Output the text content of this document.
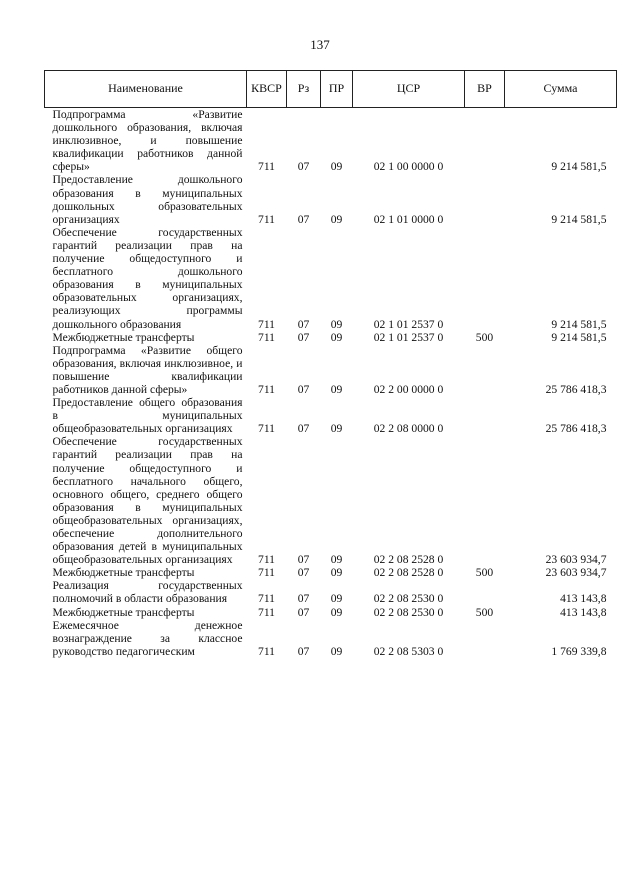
137
Наименование	КВСР	Рз	ПР	ЦСР	ВР	Сумма
Подпрограмма «Развитие дошкольного образования, включая инклюзивное, и повышение квалификации работников данной сферы»	711	07	09	02 1 00 0000 0		9 214 581,5
Предоставление дошкольного образования в муниципальных дошкольных образовательных организациях	711	07	09	02 1 01 0000 0		9 214 581,5
Обеспечение государственных гарантий реализации прав на получение общедоступного и бесплатного дошкольного образования в муниципальных образовательных организациях, реализующих программы дошкольного образования	711	07	09	02 1 01 2537 0		9 214 581,5
Межбюджетные трансферты	711	07	09	02 1 01 2537 0	500	9 214 581,5
Подпрограмма «Развитие общего образования, включая инклюзивное, и повышение квалификации работников данной сферы»	711	07	09	02 2 00 0000 0		25 786 418,3
Предоставление общего образования в муниципальных общеобразовательных организациях	711	07	09	02 2 08 0000 0		25 786 418,3
Обеспечение государственных гарантий реализации прав на получение общедоступного и бесплатного начального общего, основного общего, среднего общего образования в муниципальных общеобразовательных организациях, обеспечение дополнительного образования детей в муниципальных общеобразовательных организациях	711	07	09	02 2 08 2528 0		23 603 934,7
Межбюджетные трансферты	711	07	09	02 2 08 2528 0	500	23 603 934,7
Реализация государственных полномочий в области образования	711	07	09	02 2 08 2530 0		413 143,8
Межбюджетные трансферты	711	07	09	02 2 08 2530 0	500	413 143,8
Ежемесячное денежное вознаграждение за классное руководство педагогическим	711	07	09	02 2 08 5303 0		1 769 339,8
